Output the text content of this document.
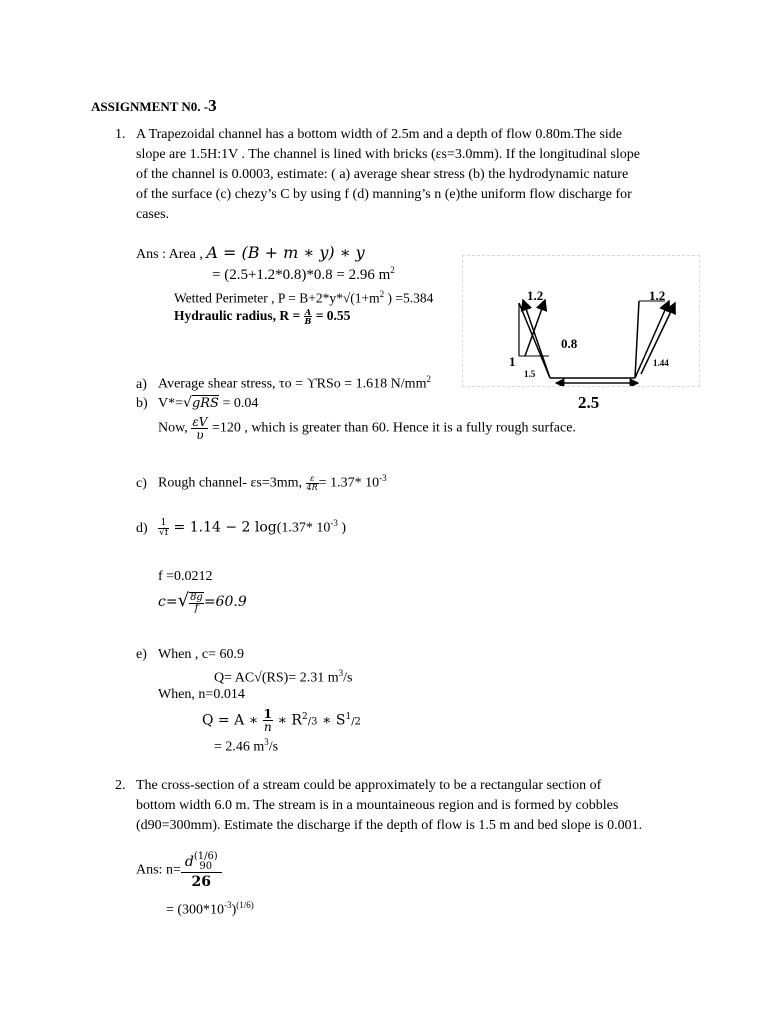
ASSIGNMENT N0. -3
1. A Trapezoidal channel has a bottom width of 2.5m and a depth of flow 0.80m.The side
slope are 1.5H:1V . The channel is lined with bricks (εs=3.0mm). If the longitudinal slope
of the channel is 0.0003, estimate: ( a) average shear stress (b) the hydrodynamic nature
of the surface (c) chezy’s C by using f (d) manning’s n (e)the uniform flow discharge for
cases.
Ans : Area , A = (B + m ∗ y) ∗ y
= (2.5+1.2*0.8)*0.8 = 2.96 $m^2$
Wetted Perimeter , $P = B+2*y*√(1+m^2$ ) =5.384
Hydraulic radius, $R = \frac{A}{B} = 0.55$
1.2	1.2
0.8
1
1.5
1.44
2.5
a) Average shear stress, τo = ϒRSo = 1.618 $N/mm^2$
b) V*=√gRS = 0.04
Now, $\frac{\varepsilon V}{\upsilon} =120$ , which is greater than 60. Hence it is a fully rough surface.
c) Rough channel- εs=3mm, $\frac{\varepsilon}{4R} = 1.37*$ $10^{-3}$
$d) \frac{1}{√f} = 1.14 - 2$ log(1.37* $10^{-3}$ )
f =0.0212
$c=√ \frac{8g}{f} =60.9$
e) When , c= 60.9
Q= AC√(RS)= 2.31 $m^3/s$
When, n=0.014
Q = A ∗ $\frac{1}{n}$ ∗ $R^2/3$ ∗ $S^1/2$
= 2.46 $m^3/s$
2. The cross-section of a stream could be approximately to be a rectangular section of
bottom width 6.0 m. The stream is in a mountaineous region and is formed by cobbles
(d90=300mm). Estimate the discharge if the depth of flow is 1.5 m and bed slope is 0.001.
Ans: n= d (1/6)
90
26
= $(300*10^{-3})^{(1/6)}$
